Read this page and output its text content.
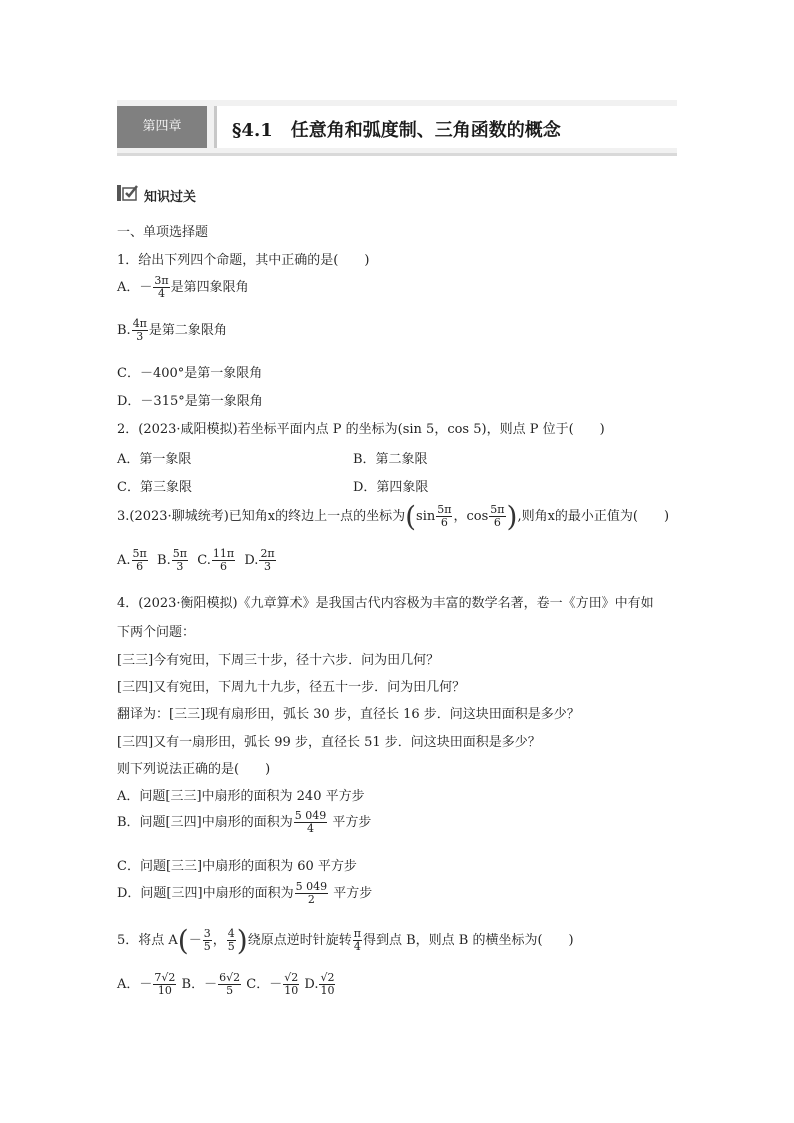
第四章	§4.1　任意角和弧度制、三角函数的概念
知识过关
一、单项选择题
1．给出下列四个命题，其中正确的是(　　)
A．－ $\frac{3\pi}{4}$ 是第四象限角
B. $\frac{4\pi}{3}$ 是第二象限角
C．－400°是第一象限角
D．－315°是第一象限角
2．(2023·咸阳模拟)若坐标平面内点 P 的坐标为(sin 5，cos 5)，则点 P 位于(　　)
A．第一象限	B．第二象限
C．第三象限	D．第四象限
3.(2023·聊城统考)已知角x的终边上一点的坐标为($\sin \frac{5\pi}{6}$ ，$\cos \frac{5\pi}{6}$ ),则角x的最小正值为(　　)
A. $\frac{5\pi}{6} B$. $\frac{5\pi}{3} C$. $\frac{11\pi}{6} D$. $\frac{2\pi}{3}$
4．(2023·衡阳模拟)《九章算术》是我国古代内容极为丰富的数学名著，卷一《方田》中有如
下两个问题：
[三三]今有宛田，下周三十步，径十六步．问为田几何？
[三四]又有宛田，下周九十九步，径五十一步．问为田几何？
翻译为：[三三]现有扇形田，弧长 30 步，直径长 16 步．问这块田面积是多少？
[三四]又有一扇形田，弧长 99 步，直径长 51 步．问这块田面积是多少？
则下列说法正确的是(　　)
A．问题[三三]中扇形的面积为 240 平方步
B．问题[三四]中扇形的面积为 $\frac{5 049}{4}$ 平方步
C．问题[三三]中扇形的面积为 60 平方步
D．问题[三四]中扇形的面积为 $\frac{5 049}{2}$ 平方步
5．将点 $A(- \frac{3}{5}$ ， $\frac{4}{5}$ )绕原点逆时针旋转 $\frac{\pi}{4}$ 得到点 B，则点 B 的横坐标为(　　)
A．－ $\frac{7√2}{10}$ B．－ $\frac{6√2}{5}$ C．－ $\frac{√2}{10} D$. $\frac{√2}{10}$
